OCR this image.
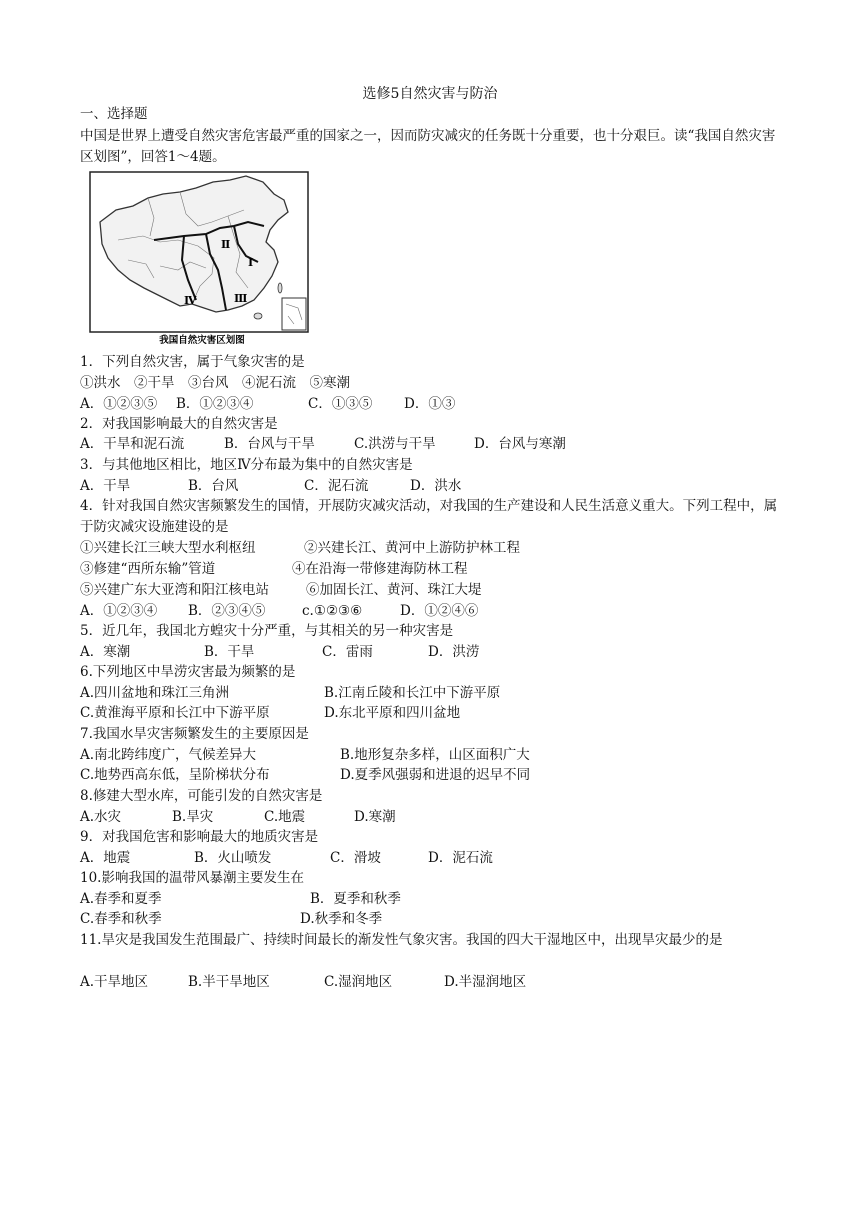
选修5自然灾害与防治
一、选择题
中国是世界上遭受自然灾害危害最严重的国家之一，因而防灾减灾的任务既十分重要，也十分艰巨。读“我国自然灾害区划图”，回答1～4题。
Ⅱ
Ⅰ
Ⅲ
Ⅳ
我国自然灾害区划图
1．下列自然灾害，属于气象灾害的是
①洪水　②干旱　③台风　④泥石流　⑤寒潮
A．①②③⑤ B．①②③④	C．①③⑤ D．①③
2．对我国影响最大的自然灾害是
A．干旱和泥石流	B．台风与干旱	C.洪涝与干旱	D．台风与寒潮
3．与其他地区相比，地区Ⅳ分布最为集中的自然灾害是
A．干旱	B．台风	C．泥石流	D．洪水
4．针对我国自然灾害频繁发生的国情，开展防灾减灾活动，对我国的生产建设和人民生活意义重大。下列工程中，属于防灾减灾设施建设的是
①兴建长江三峡大型水利枢纽	②兴建长江、黄河中上游防护林工程
③修建“西所东输”管道	④在沿海一带修建海防林工程
⑤兴建广东大亚湾和阳江核电站	⑥加固长江、黄河、珠江大堤
A．①②③④ B．②③④⑤	c.①②③⑥	D．①②④⑥
5．近几年，我国北方蝗灾十分严重，与其相关的另一种灾害是
A．寒潮	B．干旱	C．雷雨	D．洪涝
6.下列地区中旱涝灾害最为频繁的是
A.四川盆地和珠江三角洲	B.江南丘陵和长江中下游平原
C.黄淮海平原和长江中下游平原	D.东北平原和四川盆地
7.我国水旱灾害频繁发生的主要原因是
A.南北跨纬度广，气候差异大	B.地形复杂多样，山区面积广大
C.地势西高东低，呈阶梯状分布	D.夏季风强弱和进退的迟早不同
8.修建大型水库，可能引发的自然灾害是
A.水灾	B.旱灾	C.地震	D.寒潮
9．对我国危害和影响最大的地质灾害是
A．地震	B．火山喷发	C．滑坡	D．泥石流
10.影响我国的温带风暴潮主要发生在
A.春季和夏季	B．夏季和秋季
C.春季和秋季	D.秋季和冬季
11.旱灾是我国发生范围最广、持续时间最长的渐发性气象灾害。我国的四大干湿地区中，出现旱灾最少的是
A.干旱地区	B.半干旱地区	C.湿润地区	D.半湿润地区
